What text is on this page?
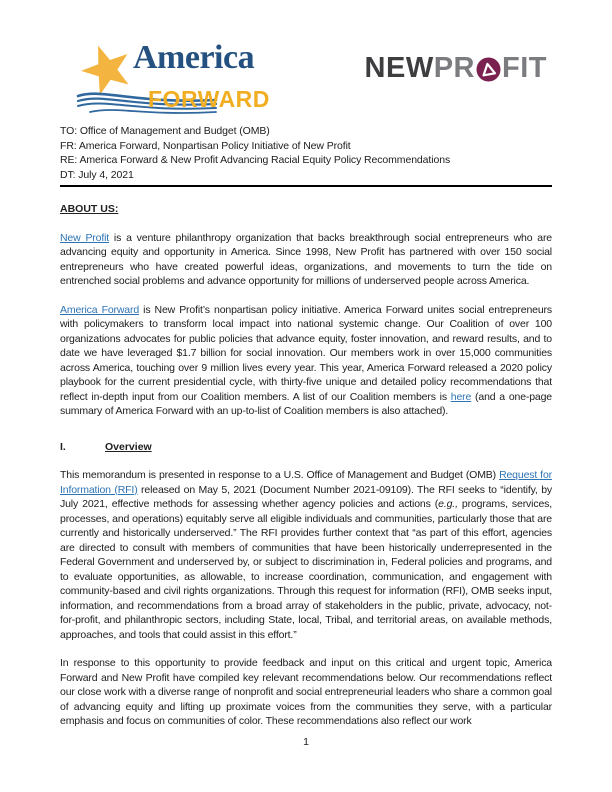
America
FORWARD
NEW PR FIT
TO: Office of Management and Budget (OMB)
FR: America Forward, Nonpartisan Policy Initiative of New Profit
RE: America Forward & New Profit Advancing Racial Equity Policy Recommendations
DT: July 4, 2021
ABOUT US:

New Profit is a venture philanthropy organization that backs breakthrough social entrepreneurs who are advancing equity and opportunity in America. Since 1998, New Profit has partnered with over 150 social entrepreneurs who have created powerful ideas, organizations, and movements to turn the tide on entrenched social problems and advance opportunity for millions of underserved people across America.

America Forward is New Profit’s nonpartisan policy initiative. America Forward unites social entrepreneurs with policymakers to transform local impact into national systemic change. Our Coalition of over 100 organizations advocates for public policies that advance equity, foster innovation, and reward results, and to date we have leveraged $1.7 billion for social innovation. Our members work in over 15,000 communities across America, touching over 9 million lives every year. This year, America Forward released a 2020 policy playbook for the current presidential cycle, with thirty-five unique and detailed policy recommendations that reflect in-depth input from our Coalition members. A list of our Coalition members is here (and a one-page summary of America Forward with an up-to-list of Coalition members is also attached).

I.	Overview

This memorandum is presented in response to a U.S. Office of Management and Budget (OMB) Request for Information (RFI) released on May 5, 2021 (Document Number 2021-09109). The RFI seeks to “identify, by July 2021, effective methods for assessing whether agency policies and actions (e.g., programs, services, processes, and operations) equitably serve all eligible individuals and communities, particularly those that are currently and historically underserved.” The RFI provides further context that “as part of this effort, agencies are directed to consult with members of communities that have been historically underrepresented in the Federal Government and underserved by, or subject to discrimination in, Federal policies and programs, and to evaluate opportunities, as allowable, to increase coordination, communication, and engagement with community-based and civil rights organizations. Through this request for information (RFI), OMB seeks input, information, and recommendations from a broad array of stakeholders in the public, private, advocacy, not-for-profit, and philanthropic sectors, including State, local, Tribal, and territorial areas, on available methods, approaches, and tools that could assist in this effort.”

In response to this opportunity to provide feedback and input on this critical and urgent topic, America Forward and New Profit have compiled key relevant recommendations below. Our recommendations reflect our close work with a diverse range of nonprofit and social entrepreneurial leaders who share a common goal of advancing equity and lifting up proximate voices from the communities they serve, with a particular emphasis and focus on communities of color. These recommendations also reflect our work

1
